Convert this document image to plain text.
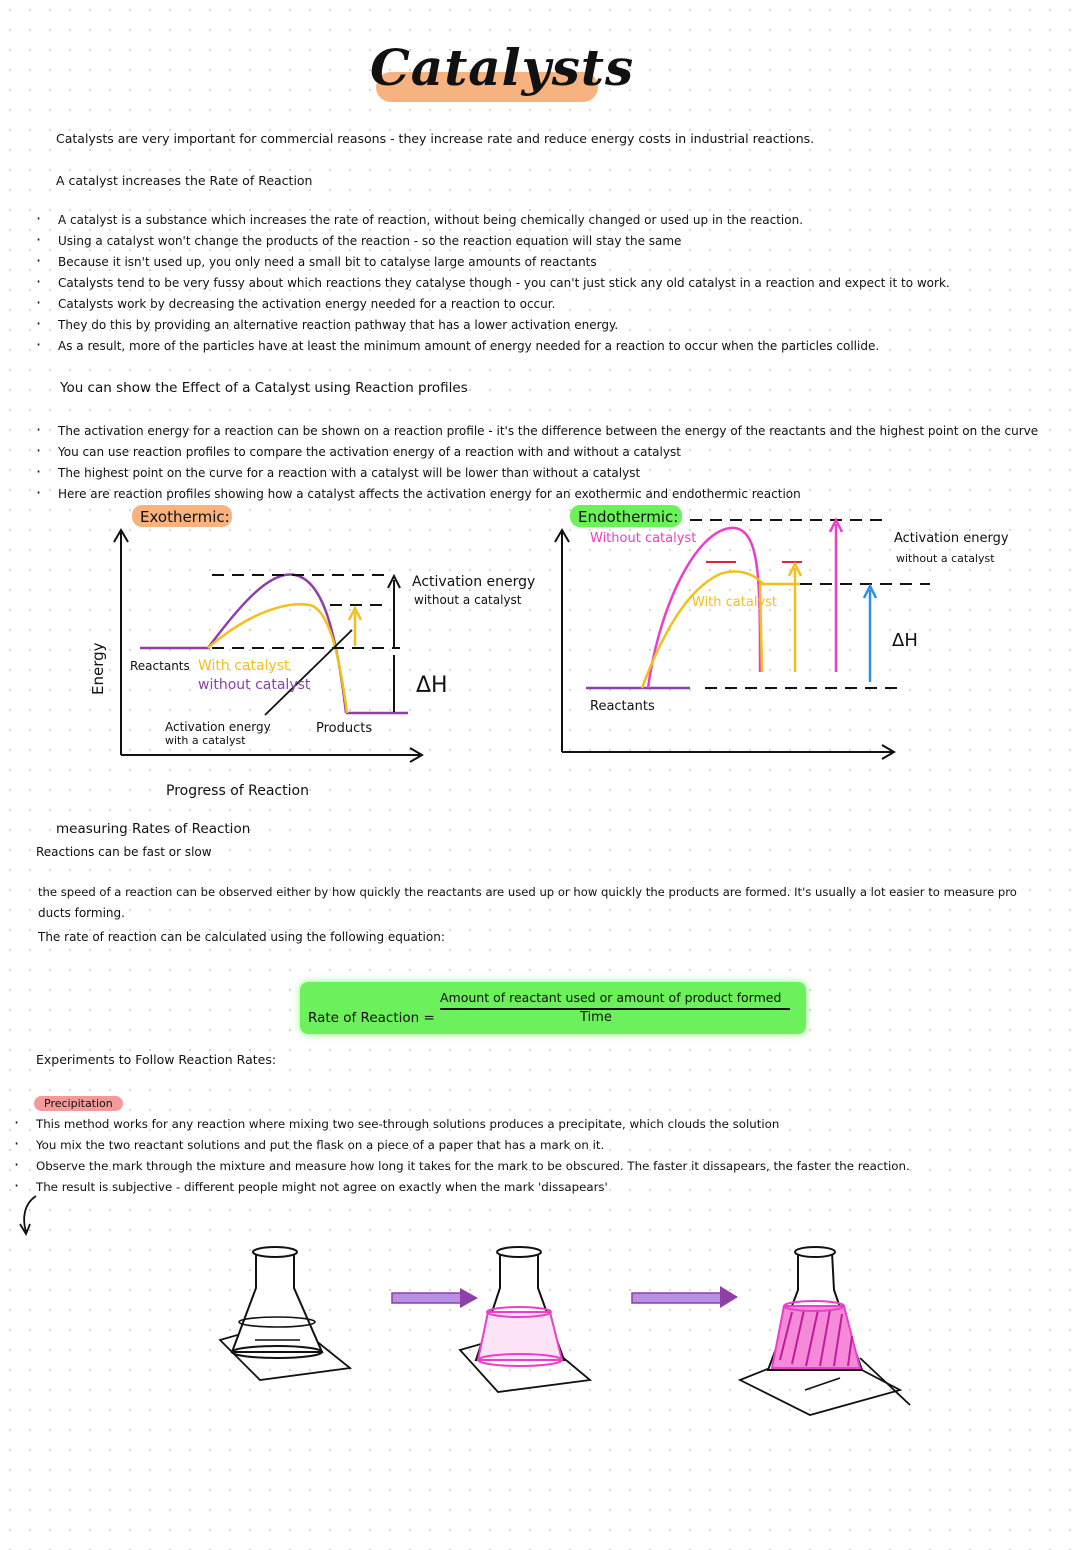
Catalysts
Catalysts are very important for commercial reasons - they increase rate and reduce energy costs in industrial reactions.
A catalyst increases the Rate of Reaction
· A catalyst is a substance which increases the rate of reaction, without being chemically changed or used up in the reaction.
· Using a catalyst won't change the products of the reaction - so the reaction equation will stay the same
· Because it isn't used up, you only need a small bit to catalyse large amounts of reactants
· Catalysts tend to be very fussy about which reactions they catalyse though - you can't just stick any old catalyst in a reaction and expect it to work.
· Catalysts work by decreasing the activation energy needed for a reaction to occur.
· They do this by providing an alternative reaction pathway that has a lower activation energy.
· As a result, more of the particles have at least the minimum amount of energy needed for a reaction to occur when the particles collide.
You can show the Effect of a Catalyst using Reaction profiles
· The activation energy for a reaction can be shown on a reaction profile - it's the difference between the energy of the reactants and the highest point on the curve
· You can use reaction profiles to compare the activation energy of a reaction with and without a catalyst
· The highest point on the curve for a reaction with a catalyst will be lower than without a catalyst
· Here are reaction profiles showing how a catalyst affects the activation energy for an exothermic and endothermic reaction
Exothermic:
Energy
Progress of Reaction
Activation energy
without a catalyst
ΔH
Reactants With catalyst
without catalyst
Activation energy
with a catalyst
Products
Endothermic:
Without catalyst
With catalyst
Activation energy
without a catalyst
ΔH
Reactants
measuring Rates of Reaction
Reactions can be fast or slow
the speed of a reaction can be observed either by how quickly the reactants are used up or how quickly the products are formed. It's usually a lot easier to measure pro
ducts forming.
The rate of reaction can be calculated using the following equation:
Rate of Reaction =
Amount of reactant used or amount of product formed
Time
Experiments to Follow Reaction Rates:
Precipitation
· This method works for any reaction where mixing two see-through solutions produces a precipitate, which clouds the solution
· You mix the two reactant solutions and put the flask on a piece of a paper that has a mark on it.
· Observe the mark through the mixture and measure how long it takes for the mark to be obscured. The faster it dissapears, the faster the reaction.
· The result is subjective - different people might not agree on exactly when the mark 'dissapears'
